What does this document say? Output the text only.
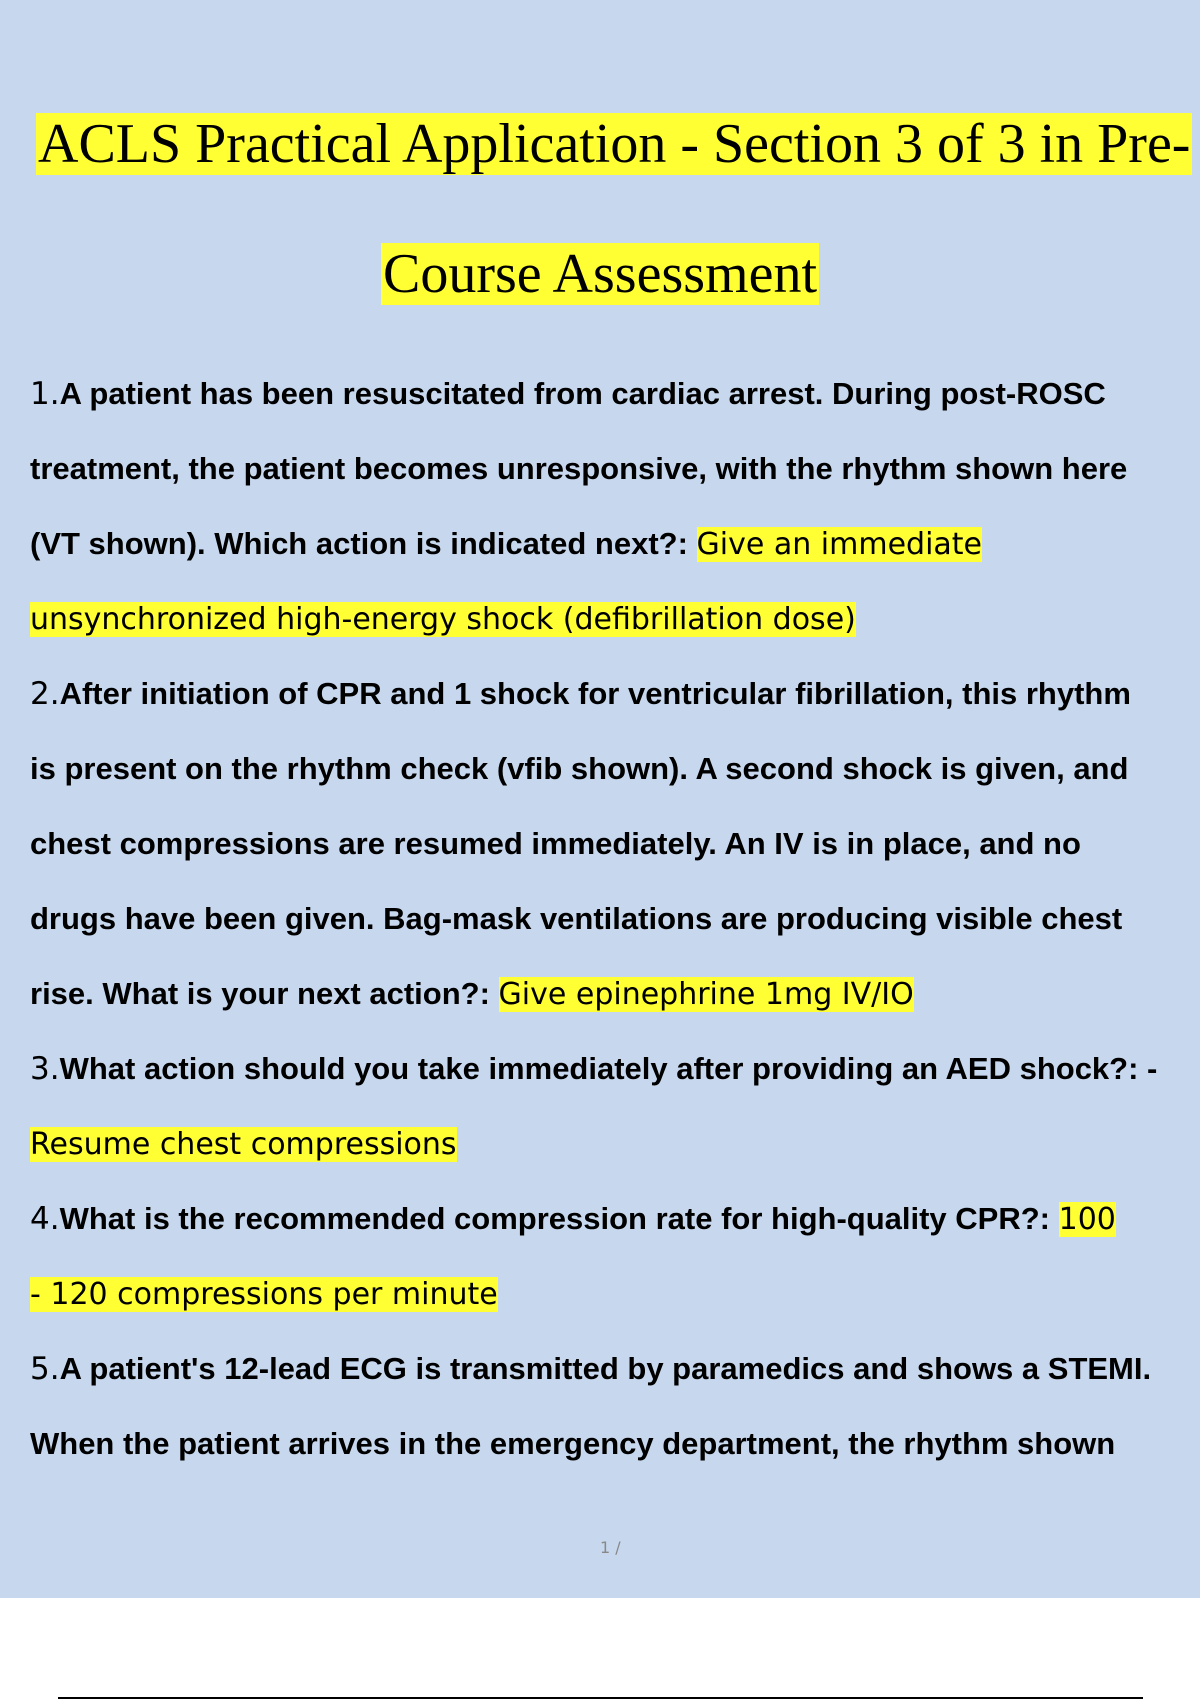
ACLS Practical Application - Section 3 of 3 in Pre-
Course Assessment
1.A patient has been resuscitated from cardiac arrest. During post-ROSC
treatment, the patient becomes unresponsive, with the rhythm shown here
(VT shown). Which action is indicated next?: Give an immediate
unsynchronized high-energy shock (defibrillation dose)
2.After initiation of CPR and 1 shock for ventricular fibrillation, this rhythm
is present on the rhythm check (vfib shown). A second shock is given, and
chest compressions are resumed immediately. An IV is in place, and no
drugs have been given. Bag-mask ventilations are producing visible chest
rise. What is your next action?: Give epinephrine 1mg IV/IO
3.What action should you take immediately after providing an AED shock?: -
Resume chest compressions
4.What is the recommended compression rate for high-quality CPR?: 100
- 120 compressions per minute
5.A patient's 12-lead ECG is transmitted by paramedics and shows a STEMI.
When the patient arrives in the emergency department, the rhythm shown
1 /
